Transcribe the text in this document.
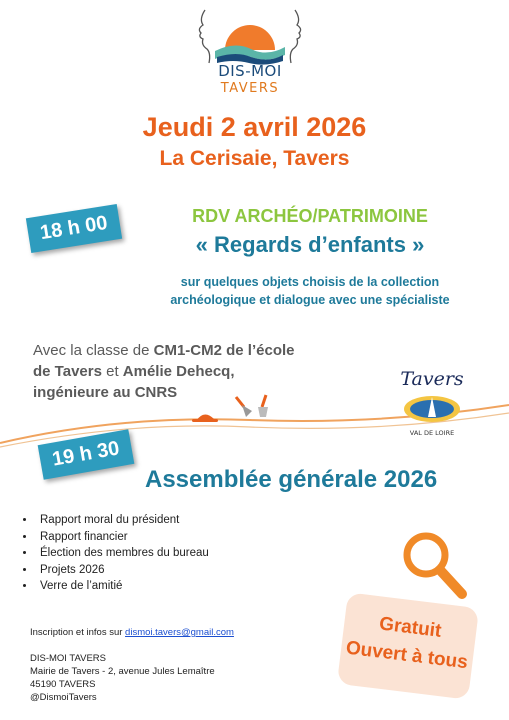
DIS-MOI
TAVERS
Jeudi 2 avril 2026
La Cerisaie, Tavers
18 h 00	RDV ARCHÉO/PATRIMOINE
« Regards d’enfants »
sur quelques objets choisis de la collection
archéologique et dialogue avec une spécialiste
Avec la classe de CM1-CM2 de l’école
de Tavers et Amélie Dehecq,
ingénieure au CNRS
Tavers
VAL DE LOIRE
19 h 30
Assemblée générale 2026
• Rapport moral du président
• Rapport financier
• Élection des membres du bureau
• Projets 2026
• Verre de l’amitié
Gratuit
Ouvert à tous
Inscription et infos sur dismoi.tavers@gmail.com
DIS-MOI TAVERS
Mairie de Tavers - 2, avenue Jules Lemaître
45190 TAVERS
@DismoiTavers
